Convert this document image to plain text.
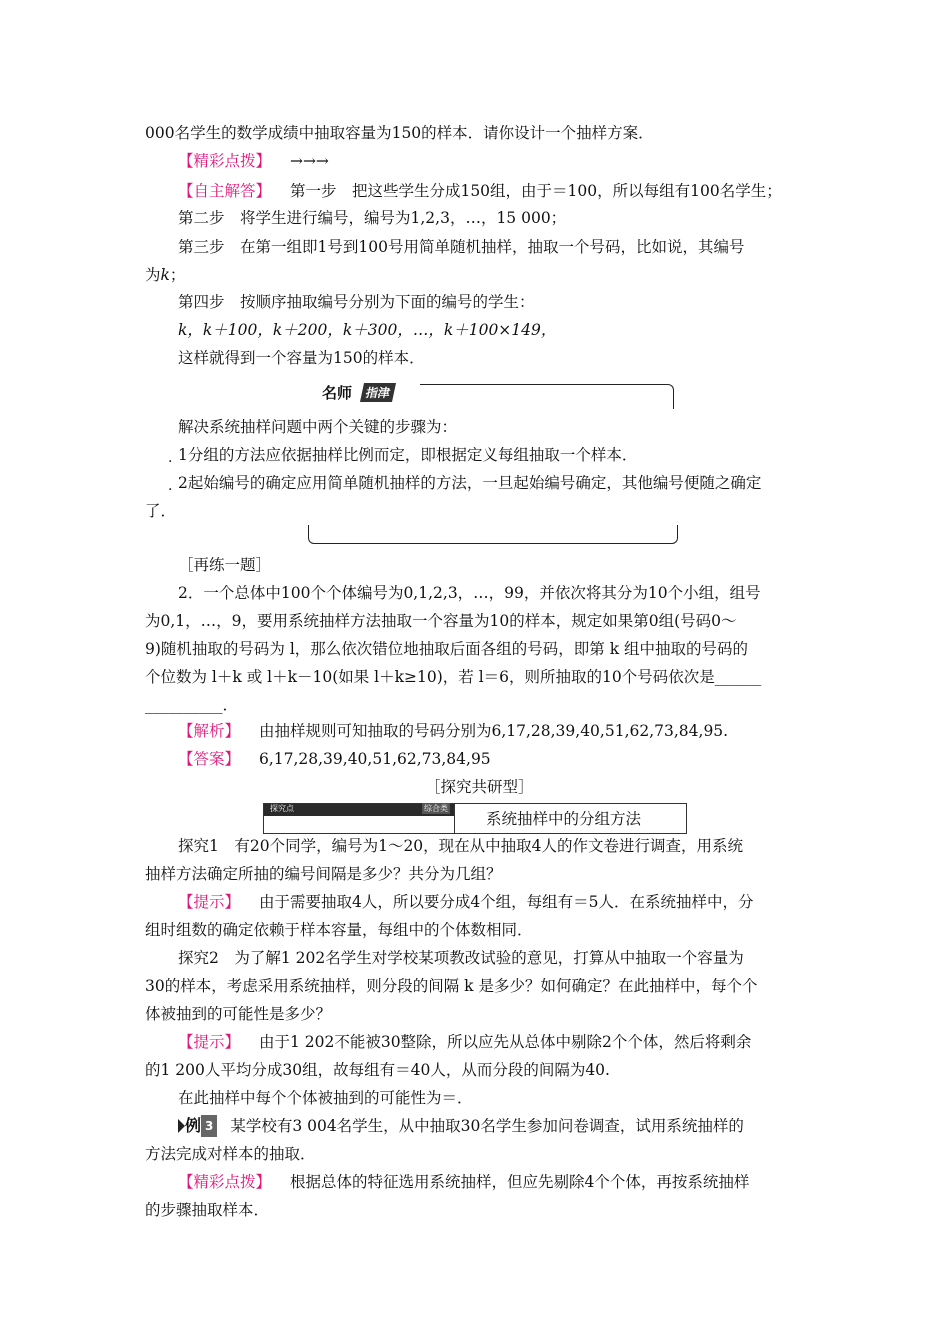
000名学生的数学成绩中抽取容量为150的样本．请你设计一个抽样方案．
【精彩点拨】 →→→
【自主解答】 第一步　把这些学生分成150组，由于＝100，所以每组有100名学生；
第二步　将学生进行编号，编号为1,2,3，…，15 000；
第三步　在第一组即1号到100号用简单随机抽样，抽取一个号码，比如说，其编号
为k；
第四步　按顺序抽取编号分别为下面的编号的学生：
k，k＋100，k＋200，k＋300，…，k＋100×149，
这样就得到一个容量为150的样本．
名师	指津
解决系统抽样问题中两个关键的步骤为：
. 1分组的方法应依据抽样比例而定，即根据定义每组抽取一个样本．
. 2起始编号的确定应用简单随机抽样的方法，一旦起始编号确定，其他编号便随之确定
了．
［再练一题］
2．一个总体中100个个体编号为0,1,2,3，…，99，并依次将其分为10个小组，组号
为0,1，…，9，要用系统抽样方法抽取一个容量为10的样本，规定如果第0组(号码0～
9)随机抽取的号码为 l，那么依次错位地抽取后面各组的号码，即第 k 组中抽取的号码的
个位数为 l＋k 或 l＋k－10(如果 l＋k≥10)，若 l＝6，则所抽取的10个号码依次是______
__________．
【解析】 由抽样规则可知抽取的号码分别为6,17,28,39,40,51,62,73,84,95.
【答案】 6,17,28,39,40,51,62,73,84,95
［探究共研型］
探究点	综合类
系统抽样中的分组方法
探究1　有20个同学，编号为1～20，现在从中抽取4人的作文卷进行调查，用系统
抽样方法确定所抽的编号间隔是多少？共分为几组？
【提示】 由于需要抽取4人，所以要分成4个组，每组有＝5人．在系统抽样中，分
组时组数的确定依赖于样本容量，每组中的个体数相同．
探究2　为了解1 202名学生对学校某项教改试验的意见，打算从中抽取一个容量为
30的样本，考虑采用系统抽样，则分段的间隔 k 是多少？如何确定？在此抽样中，每个个
体被抽到的可能性是多少？
【提示】 由于1 202不能被30整除，所以应先从总体中剔除2个个体，然后将剩余
的1 200人平均分成30组，故每组有＝40人，从而分段的间隔为40.
在此抽样中每个个体被抽到的可能性为＝．
例 3 某学校有3 004名学生，从中抽取30名学生参加问卷调查，试用系统抽样的
方法完成对样本的抽取．
【精彩点拨】 根据总体的特征选用系统抽样，但应先剔除4个个体，再按系统抽样
的步骤抽取样本．
